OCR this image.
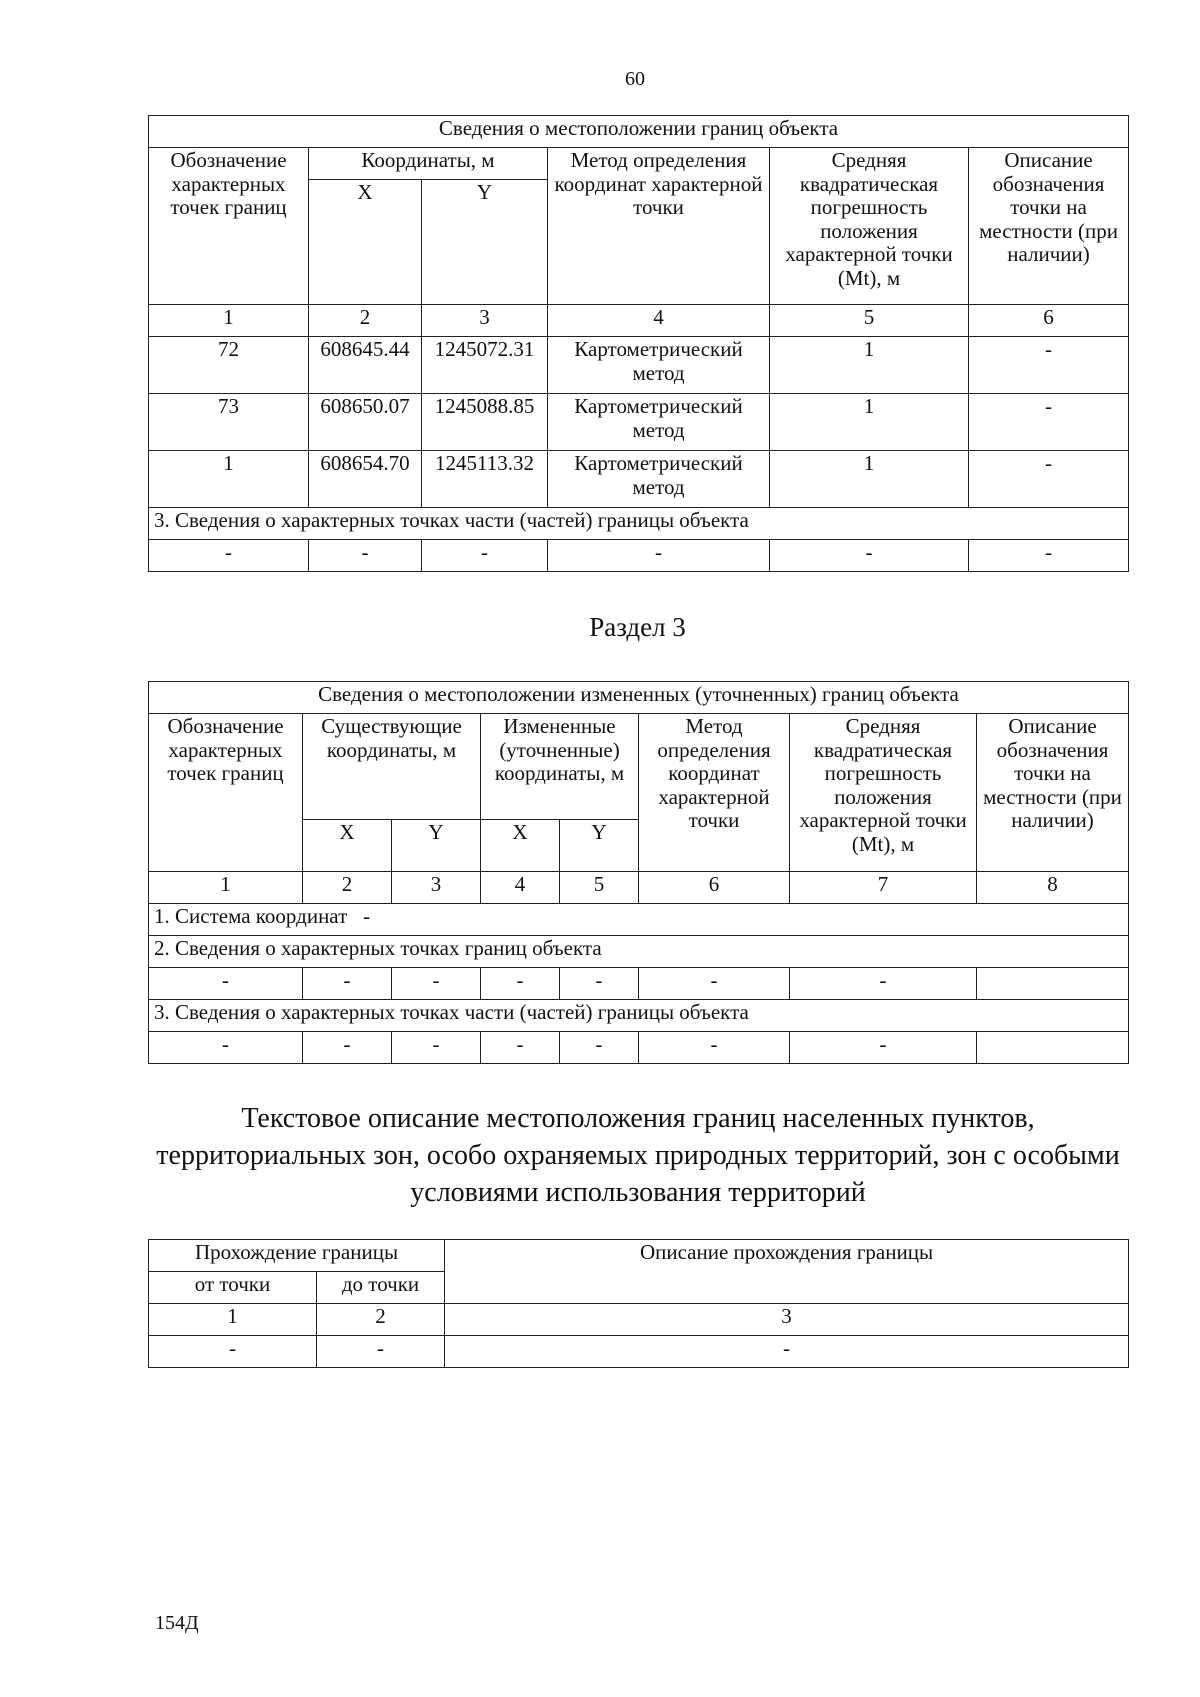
60
Сведения о местоположении границ объекта					
Обозначение характерных точек границ	Координаты, м		Метод определения координат характерной точки	Средняя квадратическая погрешность положения характерной точки (Mt), м	Описание обозначения точки на местности (при наличии)
	X	Y			
1	2	3	4	5	6
72	608645.44	1245072.31	Картометрический метод	1	-
73	608650.07	1245088.85	Картометрический метод	1	-
1	608654.70	1245113.32	Картометрический метод	1	-
3. Сведения о характерных точках части (частей) границы объекта					
-	-	-	-	-	-
Раздел 3
Сведения о местоположении измененных (уточненных) границ объекта							
Обозначение характерных точек границ	Существующие координаты, м		Измененные (уточненные) координаты, м		Метод определения координат характерной точки	Средняя квадратическая погрешность положения характерной точки (Mt), м	Описание обозначения точки на местности (при наличии)
	X	Y	X	Y			
1	2	3	4	5	6	7	8
1. Система координат   -							
2. Сведения о характерных точках границ объекта							
-	-	-	-	-	-	-	
3. Сведения о характерных точках части (частей) границы объекта							
-	-	-	-	-	-	-	
Текстовое описание местоположения границ населенных пунктов, территориальных зон, особо охраняемых природных территорий, зон с особыми условиями использования территорий
Прохождение границы		Описание прохождения границы
от точки	до точки	
1	2	3
-	-	-
154Д
